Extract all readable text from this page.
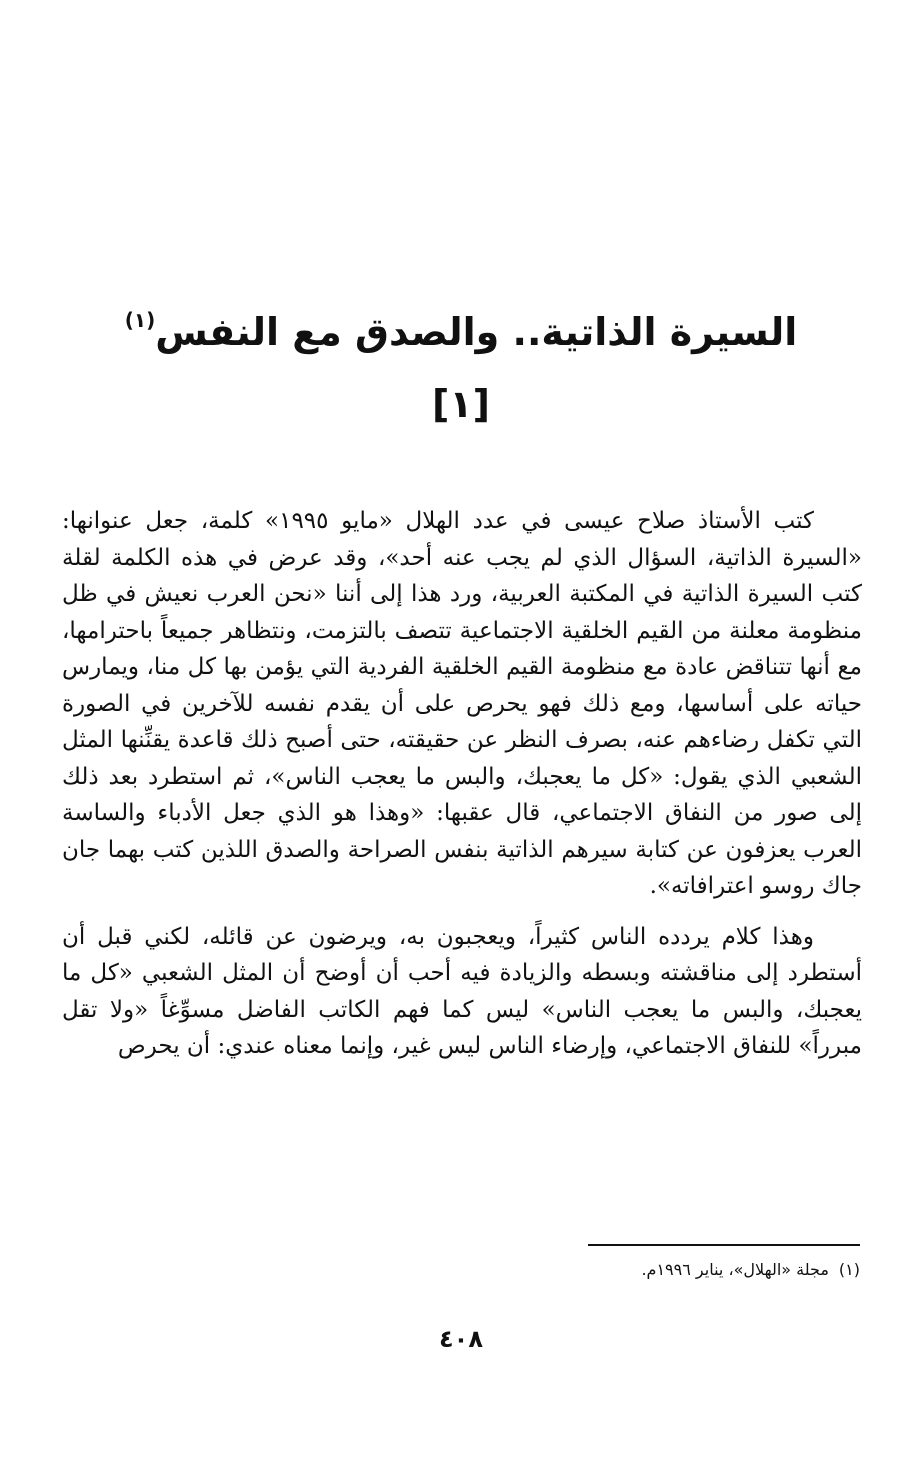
السيرة الذاتية.. والصدق مع النفس$^{(١)}$
[١]

كتب الأستاذ صلاح عيسى في عدد الهلال «مايو ١٩٩٥» كلمة، جعل عنوانها: «السيرة الذاتية، السؤال الذي لم يجب عنه أحد»، وقد عرض في هذه الكلمة لقلة كتب السيرة الذاتية في المكتبة العربية، ورد هذا إلى أننا «نحن العرب نعيش في ظل منظومة معلنة من القيم الخلقية الاجتماعية تتصف بالتزمت، ونتظاهر جميعاً باحترامها، مع أنها تتناقض عادة مع منظومة القيم الخلقية الفردية التي يؤمن بها كل منا، ويمارس حياته على أساسها، ومع ذلك فهو يحرص على أن يقدم نفسه للآخرين في الصورة التي تكفل رضاءهم عنه، بصرف النظر عن حقيقته، حتى أصبح ذلك قاعدة يقنِّنها المثل الشعبي الذي يقول: «كل ما يعجبك، والبس ما يعجب الناس»، ثم استطرد بعد ذلك إلى صور من النفاق الاجتماعي، قال عقبها: «وهذا هو الذي جعل الأدباء والساسة العرب يعزفون عن كتابة سيرهم الذاتية بنفس الصراحة والصدق اللذين كتب بهما جان جاك روسو اعترافاته».

وهذا كلام يردده الناس كثيراً، ويعجبون به، ويرضون عن قائله، لكني قبل أن أستطرد إلى مناقشته وبسطه والزيادة فيه أحب أن أوضح أن المثل الشعبي «كل ما يعجبك، والبس ما يعجب الناس» ليس كما فهم الكاتب الفاضل مسوِّغاً «ولا تقل مبرراً» للنفاق الاجتماعي، وإرضاء الناس ليس غير، وإنما معناه عندي: أن يحرص

(١)مجلة «الهلال»، يناير ١٩٩٦م.
٤٠٨
